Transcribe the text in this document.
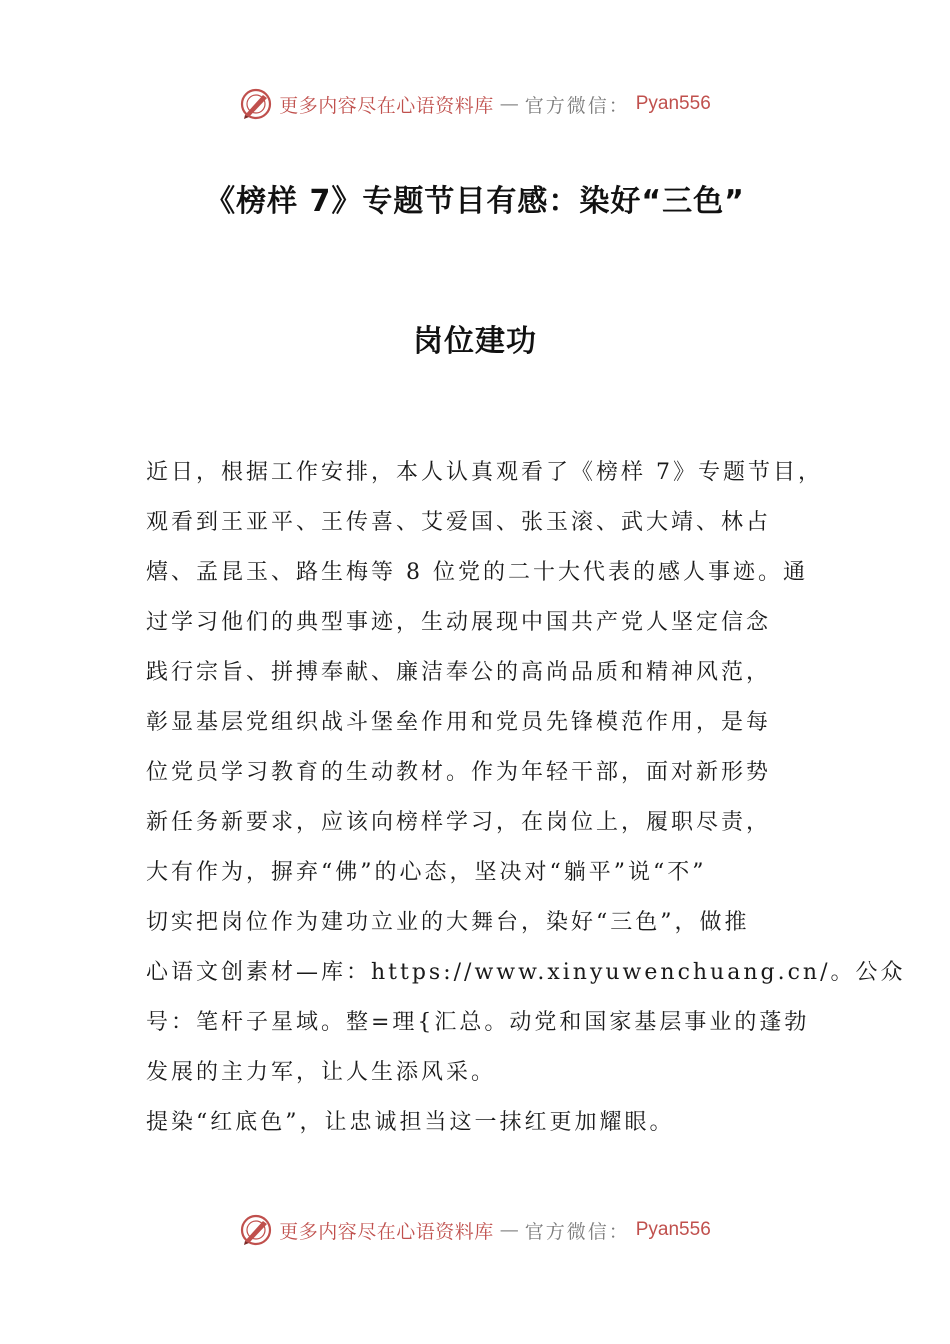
更多内容尽在心语资料库 — 官方微信： Pyan556
《榜样 7》专题节目有感：染好“三色”
岗位建功
近日，根据工作安排，本人认真观看了《榜样 7》专题节目，
观看到王亚平、王传喜、艾爱国、张玉滚、武大靖、林占
熺、孟昆玉、路生梅等 8 位党的二十大代表的感人事迹。通
过学习他们的典型事迹，生动展现中国共产党人坚定信念
践行宗旨、拼搏奉献、廉洁奉公的高尚品质和精神风范，
彰显基层党组织战斗堡垒作用和党员先锋模范作用，是每
位党员学习教育的生动教材。作为年轻干部，面对新形势
新任务新要求，应该向榜样学习，在岗位上，履职尽责，
大有作为，摒弃“佛”的心态，坚决对“躺平”说“不”
切实把岗位作为建功立业的大舞台，染好“三色”，做推
心语文创素材—库：https://www.xinyuwenchuang.cn/。公众
号：笔杆子星域。整=理{汇总。动党和国家基层事业的蓬勃
发展的主力军，让人生添风采。
提染“红底色”，让忠诚担当这一抹红更加耀眼。
更多内容尽在心语资料库 — 官方微信： Pyan556
